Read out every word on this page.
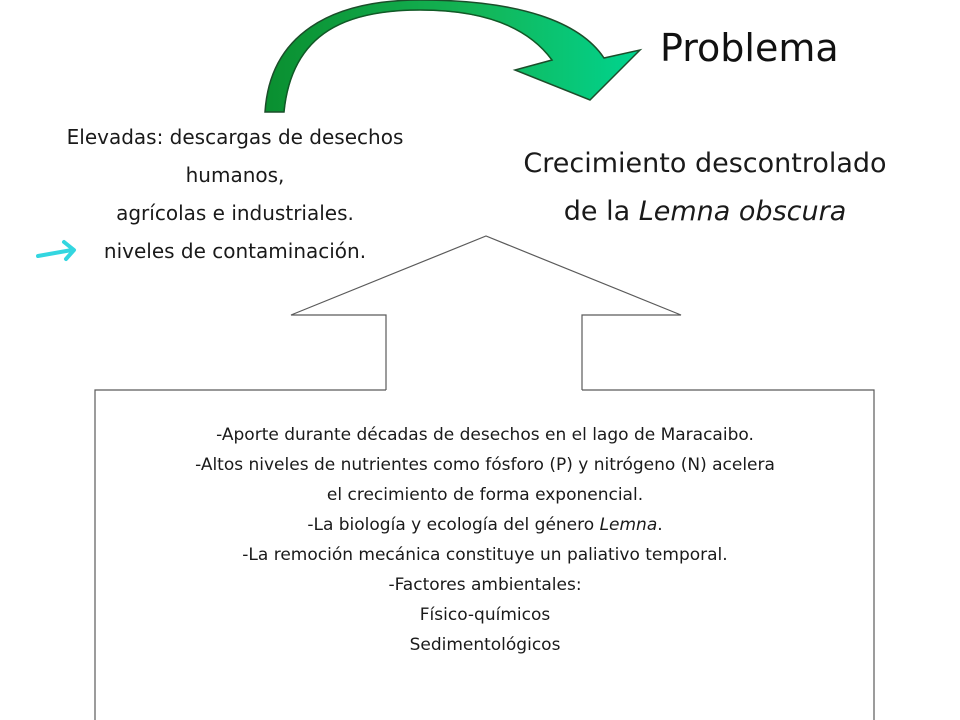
Problema
Elevadas: descargas de desechos
humanos,
agrícolas e industriales.
niveles de contaminación.
Crecimiento descontrolado
de la Lemna obscura
-Aporte durante décadas de desechos en el lago de Maracaibo.
-Altos niveles de nutrientes como fósforo (P) y nitrógeno (N) acelera
el crecimiento de forma exponencial.
-La biología y ecología del género Lemna.
-La remoción mecánica constituye un paliativo temporal.
-Factores ambientales:
Físico-químicos
Sedimentológicos
